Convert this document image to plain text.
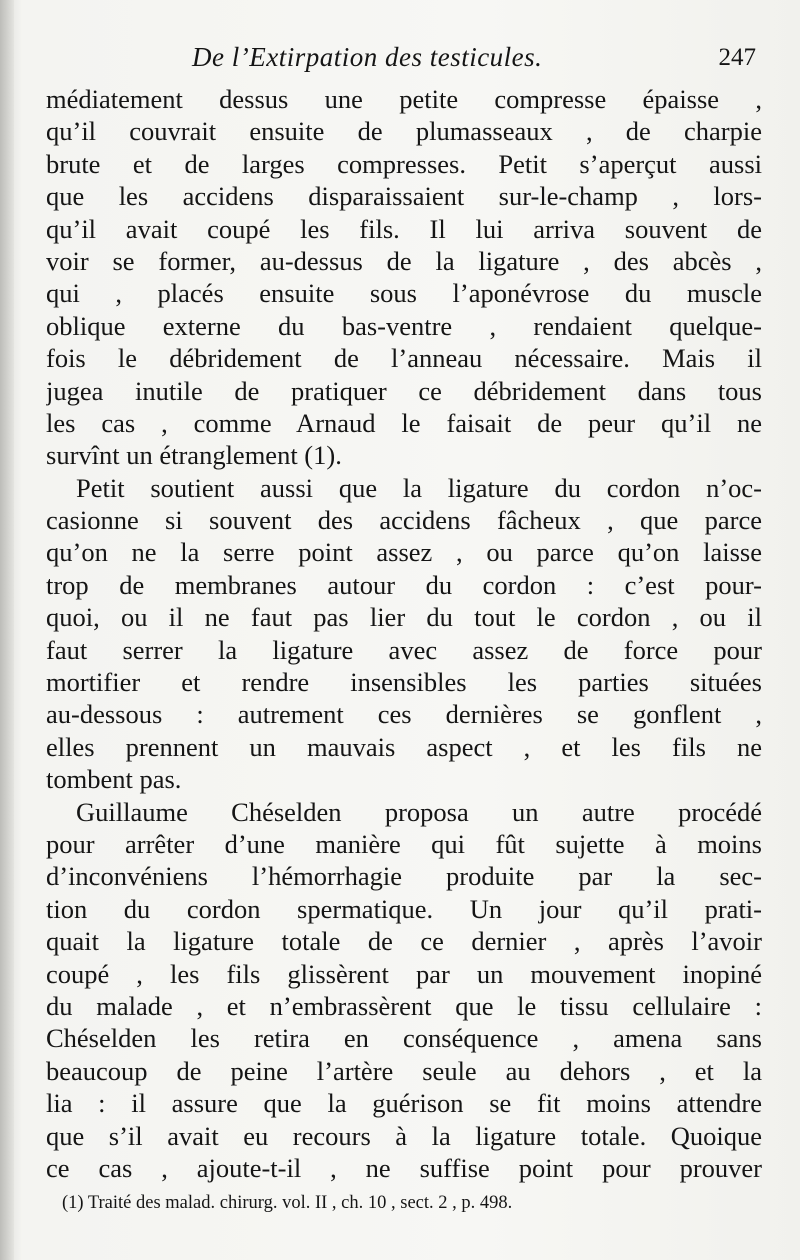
De l’Extirpation des testicules.	247
médiatement dessus une petite compresse épaisse ,
qu’il couvrait ensuite de plumasseaux , de charpie
brute et de larges compresses. Petit s’aperçut aussi
que les accidens disparaissaient sur-le-champ , lors-
qu’il avait coupé les fils. Il lui arriva souvent de
voir se former, au-dessus de la ligature , des abcès ,
qui , placés ensuite sous l’aponévrose du muscle
oblique externe du bas-ventre , rendaient quelque-
fois le débridement de l’anneau nécessaire. Mais il
jugea inutile de pratiquer ce débridement dans tous
les cas , comme Arnaud le faisait de peur qu’il ne
survînt un étranglement (1).
Petit soutient aussi que la ligature du cordon n’oc-
casionne si souvent des accidens fâcheux , que parce
qu’on ne la serre point assez , ou parce qu’on laisse
trop de membranes autour du cordon : c’est pour-
quoi, ou il ne faut pas lier du tout le cordon , ou il
faut serrer la ligature avec assez de force pour
mortifier et rendre insensibles les parties situées
au-dessous : autrement ces dernières se gonflent ,
elles prennent un mauvais aspect , et les fils ne
tombent pas.
Guillaume Chéselden proposa un autre procédé
pour arrêter d’une manière qui fût sujette à moins
d’inconvéniens l’hémorrhagie produite par la sec-
tion du cordon spermatique. Un jour qu’il prati-
quait la ligature totale de ce dernier , après l’avoir
coupé , les fils glissèrent par un mouvement inopiné
du malade , et n’embrassèrent que le tissu cellulaire :
Chéselden les retira en conséquence , amena sans
beaucoup de peine l’artère seule au dehors , et la
lia : il assure que la guérison se fit moins attendre
que s’il avait eu recours à la ligature totale. Quoique
ce cas , ajoute-t-il , ne suffise point pour prouver
(1) Traité des malad. chirurg. vol. II , ch. 10 , sect. 2 , p. 498.
